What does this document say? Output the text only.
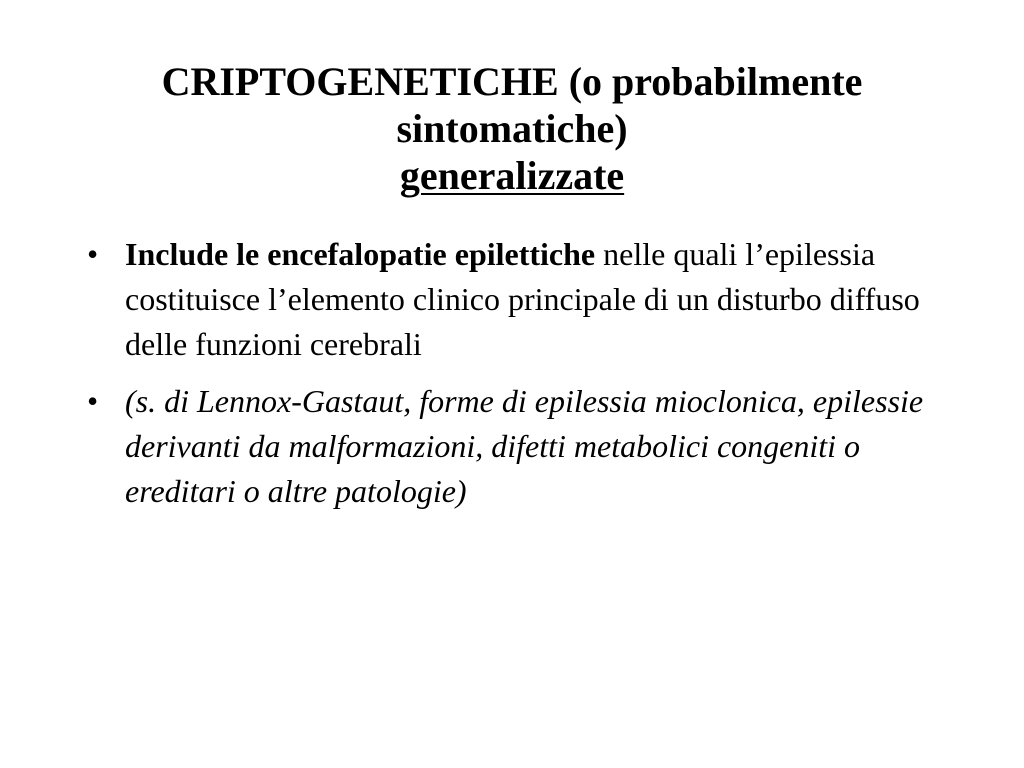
CRIPTOGENETICHE (o probabilmente sintomatiche)
generalizzate
• Include le encefalopatie epilettiche nelle quali l’epilessia costituisce l’elemento clinico principale di un disturbo diffuso delle funzioni cerebrali
• (s. di Lennox-Gastaut, forme di epilessia mioclonica, epilessie derivanti da malformazioni, difetti metabolici congeniti o ereditari o altre patologie)
